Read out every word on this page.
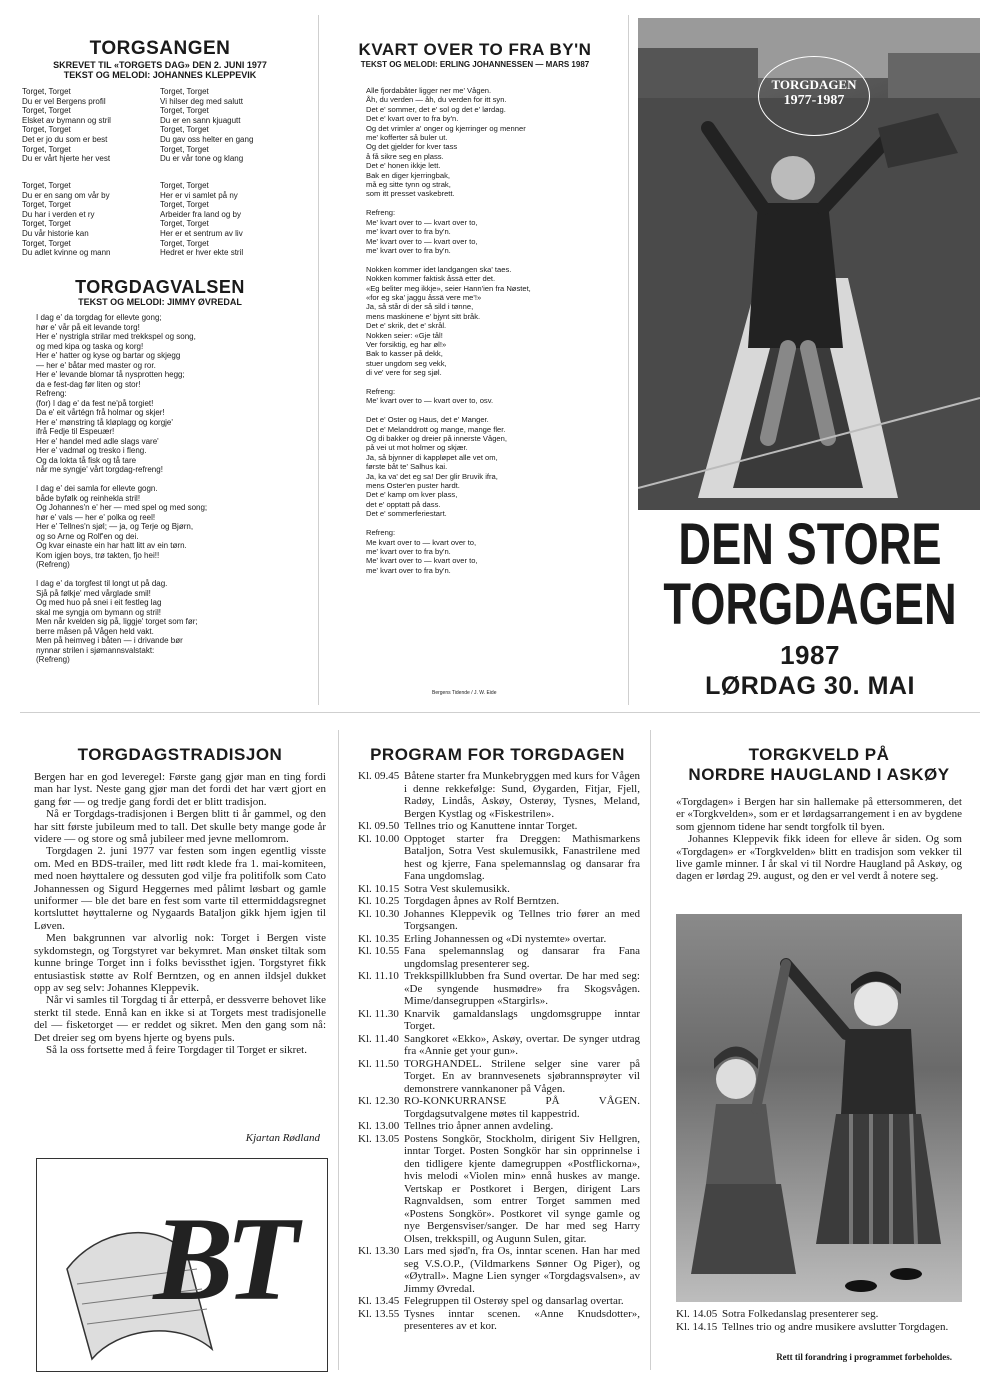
TORGSANGEN
SKREVET TIL «TORGETS DAG» DEN 2. JUNI 1977
TEKST OG MELODI: JOHANNES KLEPPEVIK
Torget, Torget
Du er vel Bergens profil
Torget, Torget
Elsket av bymann og stril
Torget, Torget
Det er jo du som er best
Torget, Torget
Du er vårt hjerte her vest
Torget, Torget
Vi hilser deg med salutt
Torget, Torget
Du er en sann kjuagutt
Torget, Torget
Du gav oss helter en gang
Torget, Torget
Du er vår tone og klang
Torget, Torget
Du er en sang om vår by
Torget, Torget
Du har i verden et ry
Torget, Torget
Du vår historie kan
Torget, Torget
Du adlet kvinne og mann
Torget, Torget
Her er vi samlet på ny
Torget, Torget
Arbeider fra land og by
Torget, Torget
Her er et sentrum av liv
Torget, Torget
Hedret er hver ekte stril
TORGDAGVALSEN
TEKST OG MELODI: JIMMY ØVREDAL
I dag e' da torgdag for ellevte gong;
hør e' vår på eit levande torg!
Her e' nystrigla strilar med trekkspel og song,
og med kipa og taska og korg!
Her e' hatter og kyse og bartar og skjegg
— her e' båtar med master og ror.
Her e' levande blomar tå nysprotten hegg;
da e fest-dag før liten og stor!
Refreng:
(for) I dag e' da fest ne'på torgiet!
Da e' eit vårtégn frå holmar og skjer!
Her e' mønstring tå kløplagg og korgje'
ifrå Fedje til Espeuær!
Her e' handel med adle slags vare'
Her e' vadmøl og tresko i fleng.
Og da lokta tå fisk og tå tare
når me syngje' vårt torgdag-refreng!

I dag e' dei samla for ellevte gogn.
både byfølk og reinhekla stril!
Og Johannes'n e' her — med spel og med song;
hør e' vals — her e' polka og reel!
Her e' Tellnes'n sjøl; — ja, og Terje og Bjørn,
og so Arne og Rolf'en og dei.
Og kvar einaste ein har hatt litt av ein tørn.
Kom igjen boys, trø takten, fjo hei!!
(Refreng)

I dag e' da torgfest til longt ut på dag.
Sjå på følkje' med vårglade smil!
Og med huo på snei i eit festleg lag
skal me syngja om bymann og stril!
Men når kvelden sig på, liggje' torget som før;
berre måsen på Vågen held vakt.
Men på heimveg i båten — i drivande bør
nynnar strilen i sjømannsvalstakt:
(Refreng)
KVART OVER TO FRA BY'N
TEKST OG MELODI: ERLING JOHANNESSEN — MARS 1987
Alle fjordabåter ligger ner me' Vågen.
Åh, du verden — åh, du verden for itt syn.
Det e' sommer, det e' sol og det e' lørdag.
Det e' kvart over to fra by'n.
Og det vrimler a' onger og kjerringer og menner
me' kofferter så buler ut.
Og det gjelder for kver tass
å få sikre seg en plass.
Det e' honen ikkje lett.
Bak en diger kjerringbak,
må eg sitte tynn og strak,
som itt presset vaskebrett.

Refreng:
Me' kvart over to — kvart over to,
me' kvart over to fra by'n.
Me' kvart over to — kvart over to,
me' kvart over to fra by'n.

Nokken kommer idet landgangen ska' taes.
Nokken kommer faktisk åssä etter det.
«Eg beliter meg ikkje», seier Hann'ien fra Nøstet,
«for eg ska' jaggu åssä vere me'!»
Ja, så står di der så sild i tønne,
mens maskinene e' bjynt sitt bråk.
Det e' skrik, det e' skrål.
Nokken seier: «Gje tål!
Ver forsiktig, eg har øl!»
Bak to kasser på dekk,
stuer ungdom seg vekk,
di ve' vere for seg sjøl.

Refreng:
Me' kvart over to — kvart over to, osv.

Det e' Oster og Haus, det e' Manger.
Det e' Melanddrott og mange, mange fler.
Og di bakker og dreier på innerste Vågen,
på vei ut mot holmer og skjær.
Ja, så bjynner di kappløpet alle vet om,
første båt te' Salhus kai.
Ja, ka va' det eg sa! Der glir Bruvik ifra,
mens Oster'en puster hardt.
Det e' kamp om kver plass,
det e' opptatt på dass.
Det e' sommerferiestart.

Refreng:
Me kvart over to — kvart over to,
me' kvart over to fra by'n.
Me' kvart over to — kvart over to,
me' kvart over to fra by'n.
Bergens Tidende / J. W. Eide
TORGDAGEN
1977-1987
DEN STORE
TORGDAGEN
1987
LØRDAG 30. MAI
TORGDAGSTRADISJON

Bergen har en god leveregel: Første gang gjør man en ting fordi man har lyst. Neste gang gjør man det fordi det har vært gjort en gang før — og tredje gang fordi det er blitt tradisjon.

Nå er Torgdags-tradisjonen i Bergen blitt ti år gammel, og den har sitt første jubileum med to tall. Det skulle bety mange gode år videre — og store og små jubileer med jevne mellomrom.

Torgdagen 2. juni 1977 var festen som ingen egentlig visste om. Med en BDS-trailer, med litt rødt klede fra 1. mai-komiteen, med noen høyttalere og dessuten god vilje fra politifolk som Cato Johannessen og Sigurd Heggernes med pålimt løsbart og gamle uniformer — ble det bare en fest som varte til ettermiddagsregnet kortsluttet høyttalerne og Nygaards Bataljon gikk hjem igjen til Løven.

Men bakgrunnen var alvorlig nok: Torget i Bergen viste sykdomstegn, og Torgstyret var bekymret. Man ønsket tiltak som kunne bringe Torget inn i folks bevissthet igjen. Torgstyret fikk entusiastisk støtte av Rolf Berntzen, og en annen ildsjel dukket opp av seg selv: Johannes Kleppevik.

Når vi samles til Torgdag ti år etterpå, er dessverre behovet like sterkt til stede. Ennå kan en ikke si at Torgets mest tradisjonelle del — fisketorget — er reddet og sikret. Men den gang som nå: Det dreier seg om byens hjerte og byens puls.

Så la oss fortsette med å feire Torgdager til Torget er sikret.

Kjartan Rødland
BT
PROGRAM FOR TORGDAGEN
Kl. 09.45 Båtene starter fra Munkebryggen med kurs for Vågen i denne rekkefølge: Sund, Øygarden, Fitjar, Fjell, Radøy, Lindås, Askøy, Osterøy, Tysnes, Meland, Bergen Kystlag og «Fiskestrilen».
Kl. 09.50 Tellnes trio og Kanuttene inntar Torget.
Kl. 10.00 Opptoget starter fra Dreggen: Mathismarkens Bataljon, Sotra Vest skulemusikk, Fanastrilene med hest og kjerre, Fana spelemannslag og dansarar fra Fana ungdomslag.
Kl. 10.15 Sotra Vest skulemusikk.
Kl. 10.25 Torgdagen åpnes av Rolf Berntzen.
Kl. 10.30 Johannes Kleppevik og Tellnes trio fører an med Torgsangen.
Kl. 10.35 Erling Johannessen og «Di nystemte» overtar.
Kl. 10.55 Fana spelemannslag og dansarar fra Fana ungdomslag presenterer seg.
Kl. 11.10 Trekkspillklubben fra Sund overtar. De har med seg: «De syngende husmødre» fra Skogsvågen. Mime/dansegruppen «Stargirls».
Kl. 11.30 Knarvik gamaldanslags ungdomsgruppe inntar Torget.
Kl. 11.40 Sangkoret «Ekko», Askøy, overtar. De synger utdrag fra «Annie get your gun».
Kl. 11.50 TORGHANDEL. Strilene selger sine varer på Torget. En av brannvesenets sjøbrannsprøyter vil demonstrere vannkanoner på Vågen.
Kl. 12.30 RO-KONKURRANSE PÅ VÅGEN. Torgdagsutvalgene møtes til kappestrid.
Kl. 13.00 Tellnes trio åpner annen avdeling.
Kl. 13.05 Postens Songkör, Stockholm, dirigent Siv Hellgren, inntar Torget. Posten Songkör har sin opprinnelse i den tidligere kjente damegruppen «Postflickorna», hvis melodi «Violen min» ennå huskes av mange. Vertskap er Postkoret i Bergen, dirigent Lars Ragnvaldsen, som entrer Torget sammen med «Postens Songkör». Postkoret vil synge gamle og nye Bergensviser/sanger. De har med seg Harry Olsen, trekkspill, og Augunn Sulen, gitar.
Kl. 13.30 Lars med sjød'n, fra Os, inntar scenen. Han har med seg V.S.O.P., (Vildmarkens Sønner Og Piger), og «Øytrall». Magne Lien synger «Torgdagsvalsen», av Jimmy Øvredal.
Kl. 13.45 Felegruppen til Osterøy spel og dansarlag overtar.
Kl. 13.55 Tysnes inntar scenen. «Anne Knudsdotter», presenteres av et kor.
TORGKVELD PÅ
NORDRE HAUGLAND I ASKØY

«Torgdagen» i Bergen har sin hallemake på ettersommeren, det er «Torgkvelden», som er et lørdagsarrangement i en av bygdene som gjennom tidene har sendt torgfolk til byen.

Johannes Kleppevik fikk ideen for elleve år siden. Og som «Torgdagen» er «Torgkvelden» blitt en tradisjon som vekker til live gamle minner. I år skal vi til Nordre Haugland på Askøy, og dagen er lørdag 29. august, og den er vel verdt å notere seg.

Kl. 14.05 Sotra Folkedanslag presenterer seg.
Kl. 14.15 Tellnes trio og andre musikere avslutter Torgdagen.
Rett til forandring i programmet forbeholdes.
